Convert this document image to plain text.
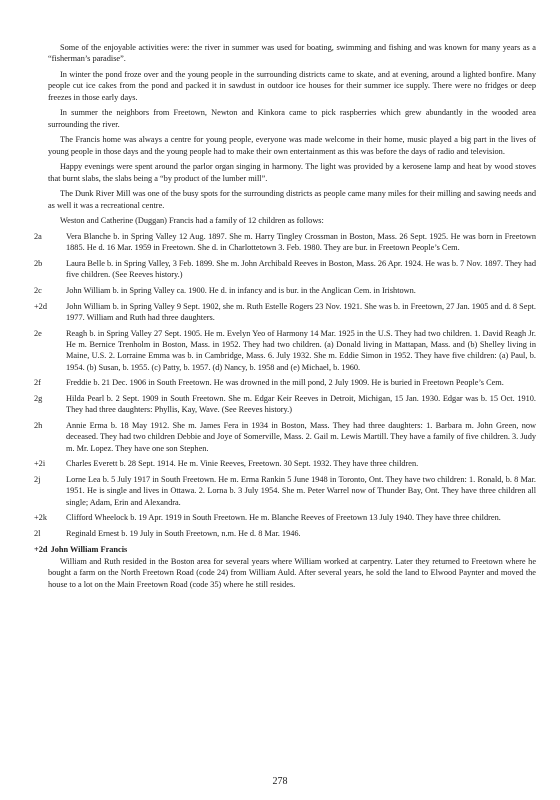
Some of the enjoyable activities were: the river in summer was used for boating, swimming and fishing and was known for many years as a “fisherman’s paradise”.

In winter the pond froze over and the young people in the surrounding districts came to skate, and at evening, around a lighted bonfire. Many people cut ice cakes from the pond and packed it in sawdust in outdoor ice houses for their summer ice supply. There were no fridges or deep freezes in those early days.

In summer the neighbors from Freetown, Newton and Kinkora came to pick raspberries which grew abundantly in the wooded area surrounding the river.

The Francis home was always a centre for young people, everyone was made welcome in their home, music played a big part in the lives of young people in those days and the young people had to make their own entertainment as this was before the days of radio and television.

Happy evenings were spent around the parlor organ singing in harmony. The light was provided by a kerosene lamp and heat by wood stoves that burnt slabs, the slabs being a “by product of the lumber mill”.

The Dunk River Mill was one of the busy spots for the surrounding districts as people came many miles for their milling and sawing needs and as well it was a recreational centre.

Weston and Catherine (Duggan) Francis had a family of 12 children as follows:

2a	Vera Blanche b. in Spring Valley 12 Aug. 1897. She m. Harry Tingley Crossman in Boston, Mass. 26 Sept. 1925. He was born in Freetown 1885. He d. 16 Mar. 1959 in Freetown. She d. in Charlottetown 3. Feb. 1980. They are bur. in Freetown People’s Cem.
2b	Laura Belle b. in Spring Valley, 3 Feb. 1899. She m. John Archibald Reeves in Boston, Mass. 26 Apr. 1924. He was b. 7 Nov. 1897. They had five children. (See Reeves history.)
2c	John William b. in Spring Valley ca. 1900. He d. in infancy and is bur. in the Anglican Cem. in Irishtown.
+2d	John William b. in Spring Valley 9 Sept. 1902, she m. Ruth Estelle Rogers 23 Nov. 1921. She was b. in Freetown, 27 Jan. 1905 and d. 8 Sept. 1977. William and Ruth had three daughters.
2e	Reagh b. in Spring Valley 27 Sept. 1905. He m. Evelyn Yeo of Harmony 14 Mar. 1925 in the U.S. They had two children. 1. David Reagh Jr. He m. Bernice Trenholm in Boston, Mass. in 1952. They had two children. (a) Donald living in Mattapan, Mass. and (b) Shelley living in Maine, U.S. 2. Lorraine Emma was b. in Cambridge, Mass. 6. July 1932. She m. Eddie Simon in 1952. They have five children: (a) Paul, b. 1954. (b) Susan, b. 1955. (c) Patty, b. 1957. (d) Nancy, b. 1958 and (e) Michael, b. 1960.
2f	Freddie b. 21 Dec. 1906 in South Freetown. He was drowned in the mill pond, 2 July 1909. He is buried in Freetown People’s Cem.
2g	Hilda Pearl b. 2 Sept. 1909 in South Freetown. She m. Edgar Keir Reeves in Detroit, Michigan, 15 Jan. 1930. Edgar was b. 15 Oct. 1910. They had three daughters: Phyllis, Kay, Wave. (See Reeves history.)
2h	Annie Erma b. 18 May 1912. She m. James Fera in 1934 in Boston, Mass. They had three daughters: 1. Barbara m. John Green, now deceased. They had two children Debbie and Joye of Somerville, Mass. 2. Gail m. Lewis Martill. They have a family of five children. 3. Judy m. Mr. Lopez. They have one son Stephen.
+2i	Charles Everett b. 28 Sept. 1914. He m. Vinie Reeves, Freetown. 30 Sept. 1932. They have three children.
2j	Lorne Lea b. 5 July 1917 in South Freetown. He m. Erma Rankin 5 June 1948 in Toronto, Ont. They have two children: 1. Ronald, b. 8 Mar. 1951. He is single and lives in Ottawa. 2. Lorna b. 3 July 1954. She m. Peter Warrel now of Thunder Bay, Ont. They have three children all single; Adam, Erin and Alexandra.
+2k	Clifford Wheelock b. 19 Apr. 1919 in South Freetown. He m. Blanche Reeves of Freetown 13 July 1940. They have three children.
2l	Reginald Ernest b. 19 July in South Freetown, n.m. He d. 8 Mar. 1946.
+2d John William Francis

William and Ruth resided in the Boston area for several years where William worked at carpentry. Later they returned to Freetown where he bought a farm on the North Freetown Road (code 24) from William Auld. After several years, he sold the land to Elwood Paynter and moved the house to a lot on the Main Freetown Road (code 35) where he still resides.

278
